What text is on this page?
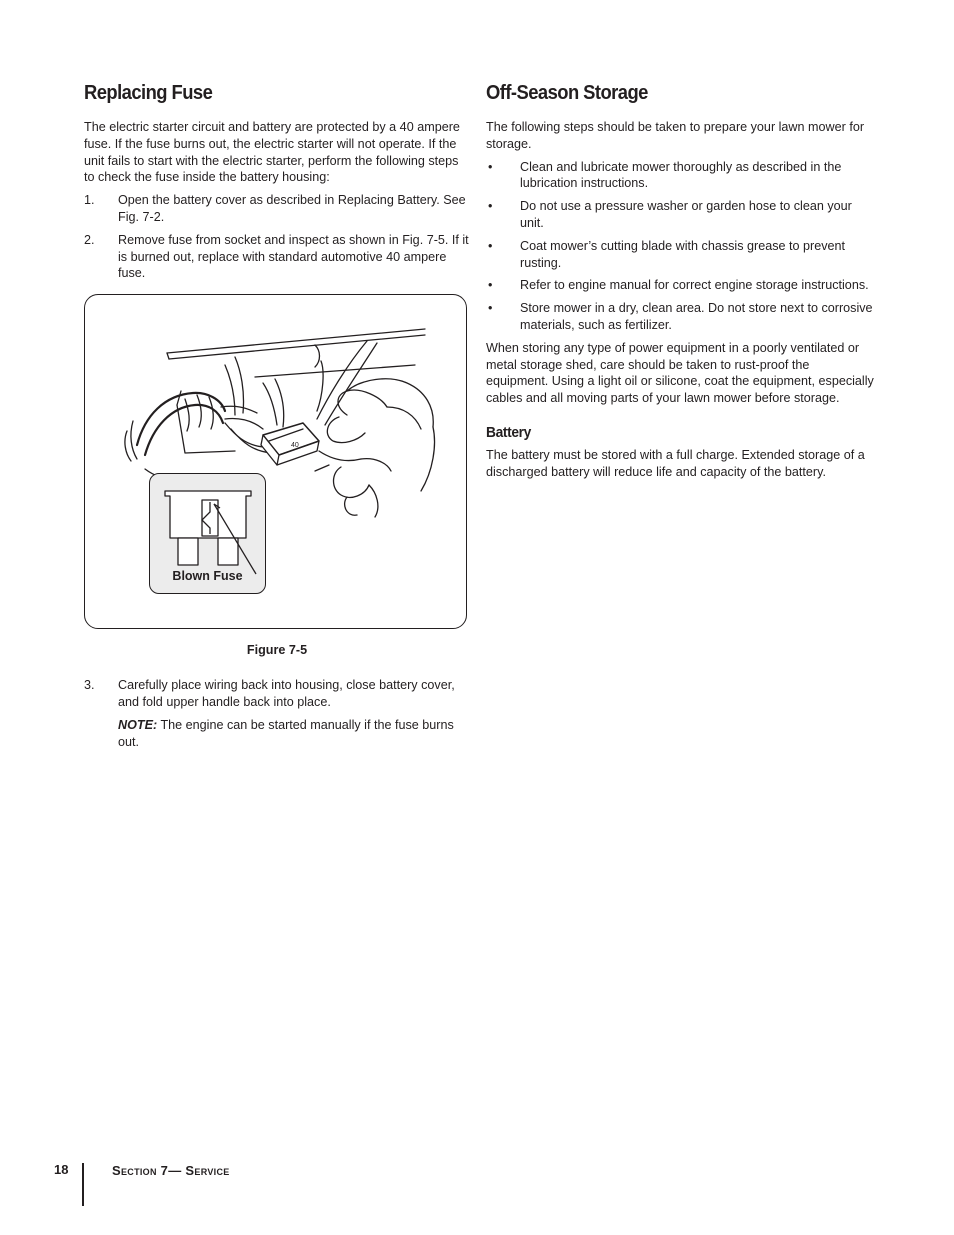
Replacing Fuse

The electric starter circuit and battery are protected by a 40 ampere fuse. If the fuse burns out, the electric starter will not operate. If the unit fails to start with the electric starter, perform the following steps to check the fuse inside the battery housing:

1.	Open the battery cover as described in Replacing Battery. See Fig. 7-2.
2.	Remove fuse from socket and inspect as shown in Fig. 7-5. If it is burned out, replace with standard automotive 40 ampere fuse.
40
Blown Fuse
Figure 7-5
3.	Carefully place wiring back into housing, close battery cover, and fold upper handle back into place.
NOTE: The engine can be started manually if the fuse burns out.
Off-Season Storage

The following steps should be taken to prepare your lawn mower for storage.

•	Clean and lubricate mower thoroughly as described in the lubrication instructions.
•	Do not use a pressure washer or garden hose to clean your unit.
•	Coat mower’s cutting blade with chassis grease to prevent rusting.
•	Refer to engine manual for correct engine storage instructions.
•	Store mower in a dry, clean area. Do not store next to corrosive materials, such as fertilizer.

When storing any type of power equipment in a poorly ventilated or metal storage shed, care should be taken to rust-proof the equipment. Using a light oil or silicone, coat the equipment, especially cables and all moving parts of your lawn mower before storage.

Battery

The battery must be stored with a full charge. Extended storage of a discharged battery will reduce life and capacity of the battery.

18	Section 7— Service
